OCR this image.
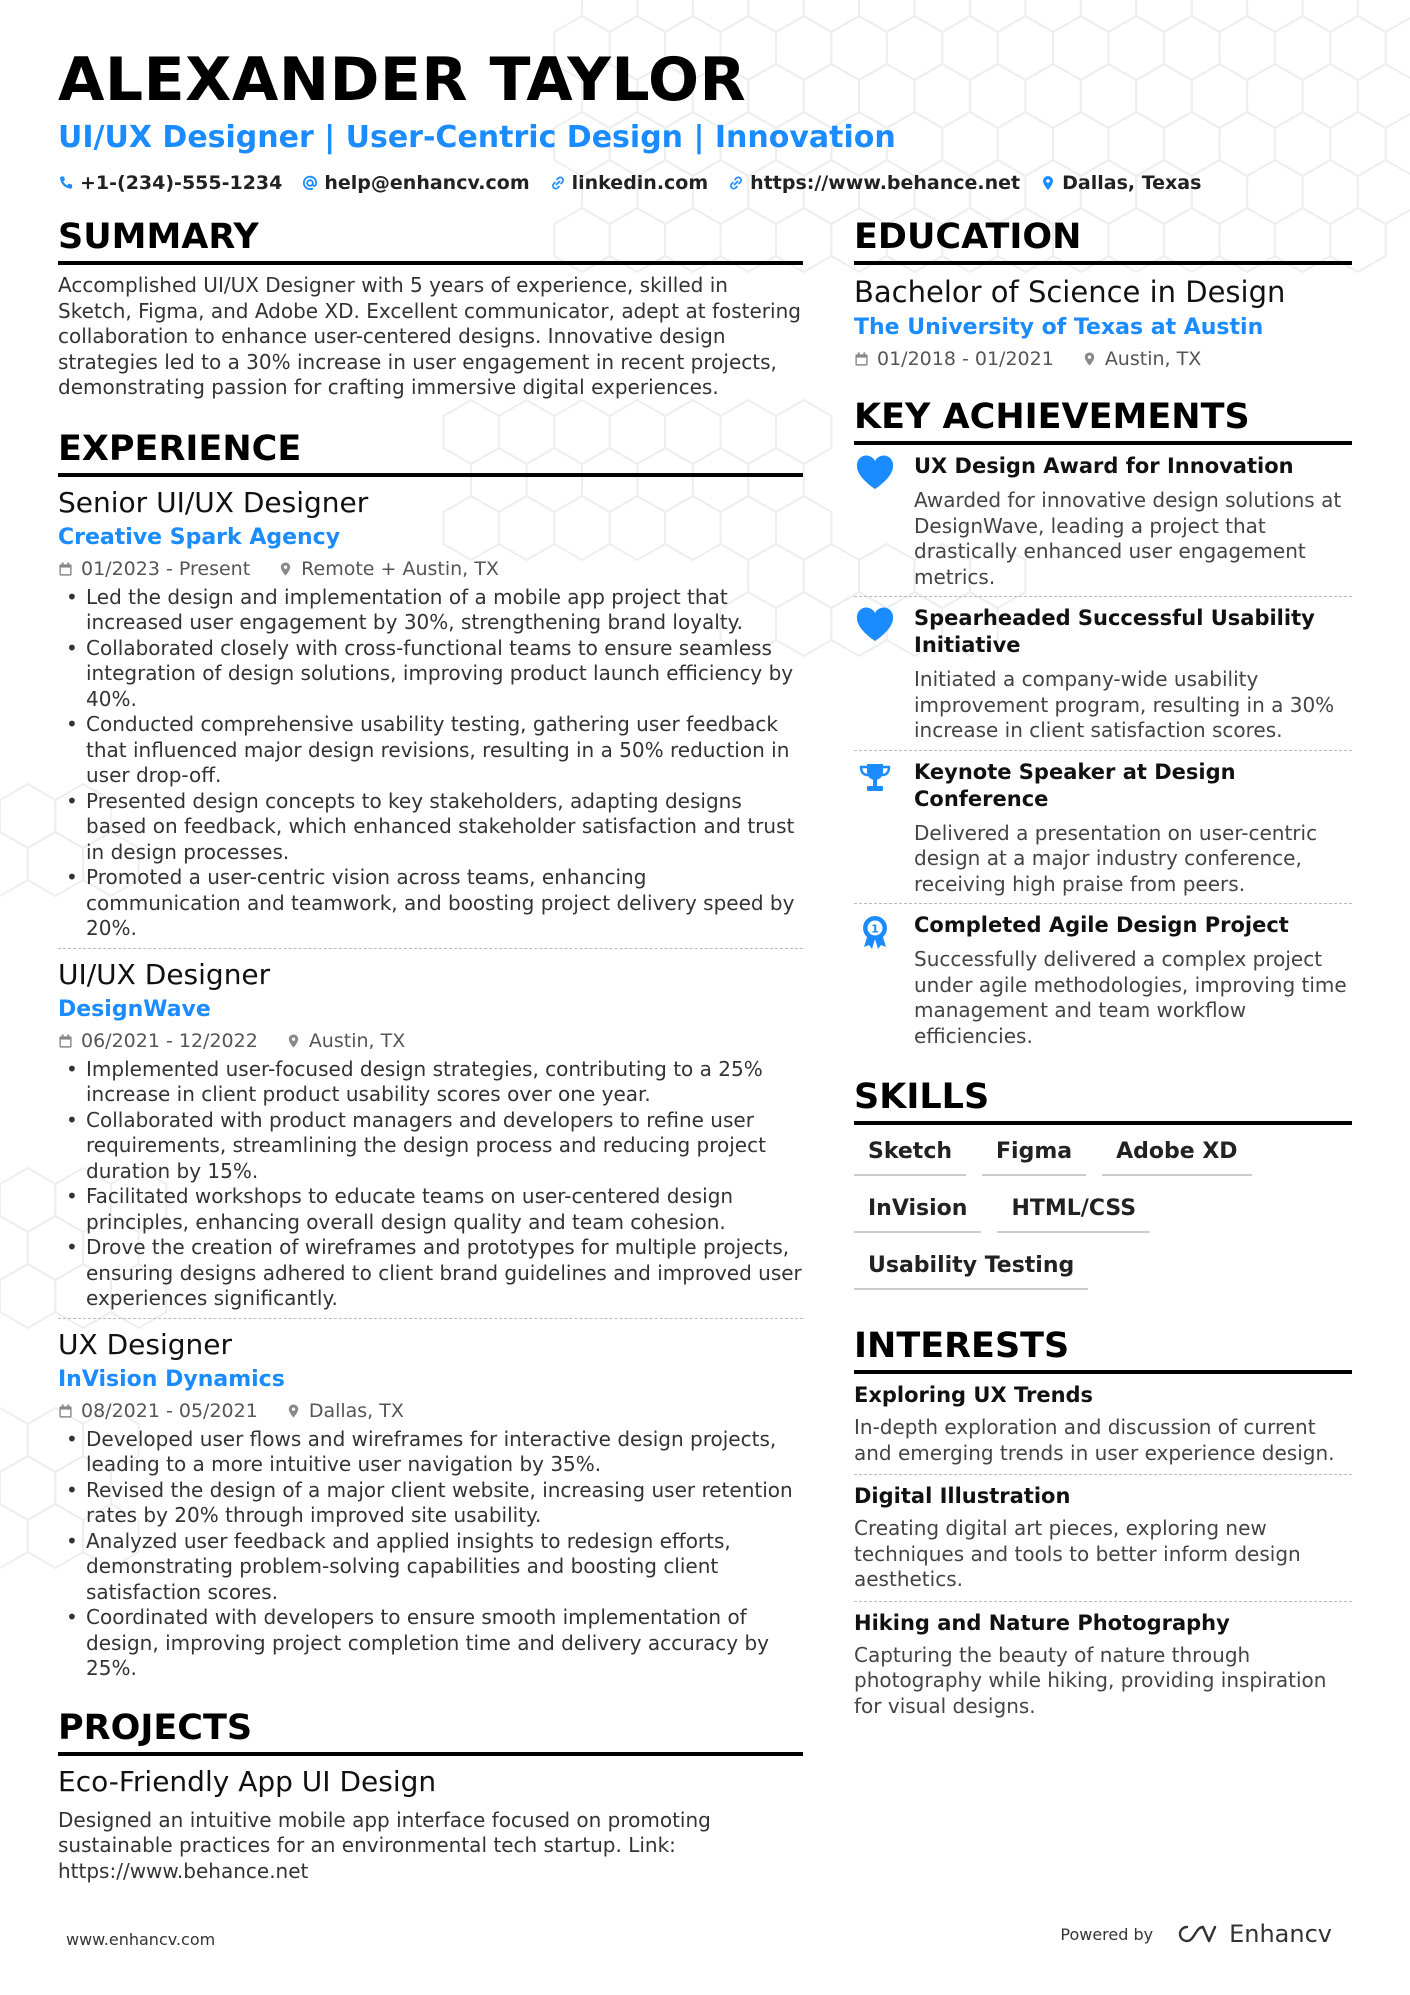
ALEXANDER TAYLOR
UI/UX Designer | User-Centric Design | Innovation
+1-(234)-555-1234 help@enhancv.com linkedin.com https://www.behance.net Dallas, Texas
SUMMARY

Accomplished UI/UX Designer with 5 years of experience, skilled in Sketch, Figma, and Adobe XD. Excellent communicator, adept at fostering collaboration to enhance user-centered designs. Innovative design strategies led to a 30% increase in user engagement in recent projects, demonstrating passion for crafting immersive digital experiences.

EXPERIENCE
Senior UI/UX Designer
Creative Spark Agency
01/2023 - Present	Remote + Austin, TX
• Led the design and implementation of a mobile app project that increased user engagement by 30%, strengthening brand loyalty.
• Collaborated closely with cross-functional teams to ensure seamless integration of design solutions, improving product launch efficiency by 40%.
• Conducted comprehensive usability testing, gathering user feedback that influenced major design revisions, resulting in a 50% reduction in user drop-off.
• Presented design concepts to key stakeholders, adapting designs based on feedback, which enhanced stakeholder satisfaction and trust in design processes.
• Promoted a user-centric vision across teams, enhancing communication and teamwork, and boosting project delivery speed by 20%.
UI/UX Designer
DesignWave
06/2021 - 12/2022	Austin, TX
• Implemented user-focused design strategies, contributing to a 25% increase in client product usability scores over one year.
• Collaborated with product managers and developers to refine user requirements, streamlining the design process and reducing project duration by 15%.
• Facilitated workshops to educate teams on user-centered design principles, enhancing overall design quality and team cohesion.
• Drove the creation of wireframes and prototypes for multiple projects, ensuring designs adhered to client brand guidelines and improved user experiences significantly.
UX Designer
InVision Dynamics
08/2021 - 05/2021	Dallas, TX
• Developed user flows and wireframes for interactive design projects, leading to a more intuitive user navigation by 35%.
• Revised the design of a major client website, increasing user retention rates by 20% through improved site usability.
• Analyzed user feedback and applied insights to redesign efforts, demonstrating problem-solving capabilities and boosting client satisfaction scores.
• Coordinated with developers to ensure smooth implementation of design, improving project completion time and delivery accuracy by 25%.
PROJECTS
Eco-Friendly App UI Design

Designed an intuitive mobile app interface focused on promoting sustainable practices for an environmental tech startup. Link: https://www.behance.net

EDUCATION
Bachelor of Science in Design
The University of Texas at Austin
01/2018 - 01/2021	Austin, TX
KEY ACHIEVEMENTS
UX Design Award for Innovation
Awarded for innovative design solutions at DesignWave, leading a project that drastically enhanced user engagement metrics.
Spearheaded Successful Usability Initiative
Initiated a company-wide usability improvement program, resulting in a 30% increase in client satisfaction scores.
Keynote Speaker at Design Conference
Delivered a presentation on user-centric design at a major industry conference, receiving high praise from peers.
1 Completed Agile Design Project
Successfully delivered a complex project under agile methodologies, improving time management and team workflow efficiencies.
SKILLS
Sketch	Figma	Adobe XD
InVision	HTML/CSS
Usability Testing
INTERESTS
Exploring UX Trends
In-depth exploration and discussion of current and emerging trends in user experience design.
Digital Illustration
Creating digital art pieces, exploring new techniques and tools to better inform design aesthetics.
Hiking and Nature Photography
Capturing the beauty of nature through photography while hiking, providing inspiration for visual designs.
www.enhancv.com	Powered by	Enhancv
